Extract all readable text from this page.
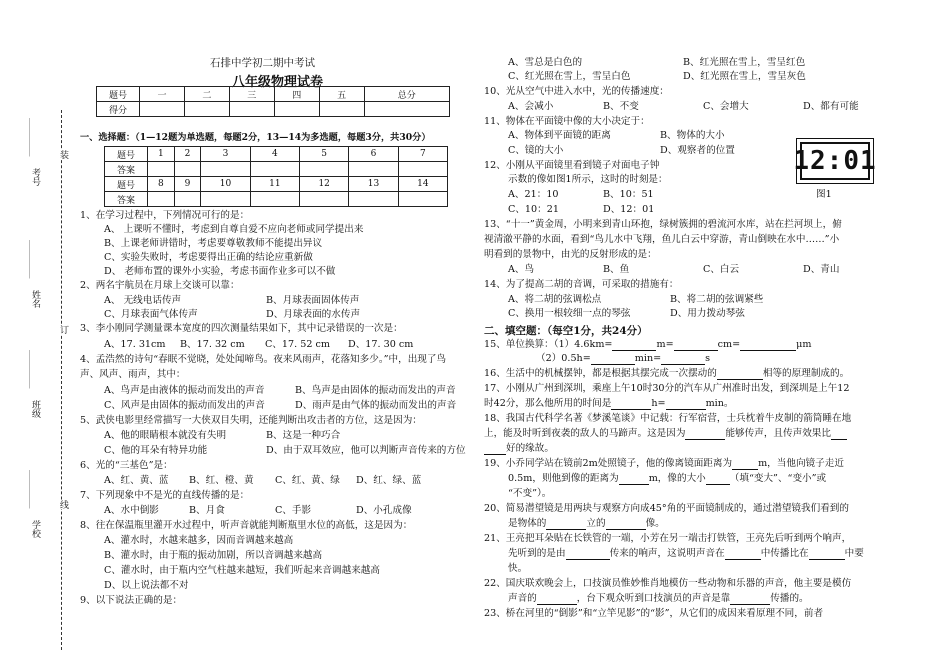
装
订
线
考号
___________
姓名
___________
班级
___________
学校
___________
石排中学初二期中考试
八年级物理试卷
题号	一	二	三	四	五	总分
得分						
一、选择题：（1—12题为单选题，每题2分，13—14为多选题，每题3分，共30分）
题号	1	2	3	4	5	6	7
答案							
题号	8	9	10	11	12	13	14
答案							
1、在学习过程中，下列情况可行的是：
A、 上课听不懂时，考虑到自尊自爱不应向老师或同学提出来
B、上课老师讲错时，考虑要尊敬教师不能提出异议
C、实验失败时，考虑要得出正确的结论应重新做
D、 老师布置的课外小实验，考虑书面作业多可以不做
2、两名宇航员在月球上交谈可以靠：
A、 无线电话传声	B、月球表面固体传声
C、月球表面气体传声	D、月球表面的水传声
3、李小刚同学测量课本宽度的四次测量结果如下，其中记录错误的一次是：
A、17. 31cm B、17. 32 cm C、17. 52 cm D、17. 30 cm
4、孟浩然的诗句“春眠不觉晓，处处闻啼鸟。夜来风雨声，花落知多少。”中，出现了鸟
声、风声、雨声，其中：
A、鸟声是由液体的振动而发出的声音	B、鸟声是由固体的振动而发出的声音
C、风声是由固体的振动而发出的声音	D、雨声是由气体的振动而发出的声音
5、武侠电影里经常描写一大侠双目失明，还能判断出攻击者的方位，这是因为：
A、他的眼睛根本就没有失明	B、这是一种巧合
C、他的耳朵有特异功能	D、由于双耳效应，他可以判断声音传来的方位
6、光的“三基色”是：
A、红、黄、蓝 B、红、橙、黄 C、红、黄、绿 D、红、绿、蓝
7、下列现象中不是光的直线传播的是：
A、水中倒影	B、月食	C、手影	D、小孔成像
8、往在保温瓶里灌开水过程中，听声音就能判断瓶里水位的高低，这是因为：
A、灌水时，水越来越多，因而音调越来越高
B、灌水时，由于瓶的振动加剧，所以音调越来越高
C、灌水时，由于瓶内空气柱越来越短，我们听起来音调越来越高
D、以上说法都不对
9、以下说法正确的是：
A、雪总是白色的	B、红光照在雪上，雪呈红色
C、红光照在雪上，雪呈白色	D、红光照在雪上，雪呈灰色
10、光从空气中进入水中，光的传播速度：
A、会减小	B、不变	C、会增大	D、都有可能
11、物体在平面镜中像的大小决定于：
A、物体到平面镜的距离	B、物体的大小
C、镜的大小	D、观察者的位置
12、小刚从平面镜里看到镜子对面电子钟
示数的像如图1所示，这时的时刻是：
A、21：10	B、10：51
C、10：21	D、12：01
12:01
图1
13、“十一”黄金周，小明来到青山环抱，绿树簇拥的碧流河水库，站在拦河坝上，俯
视清澈平静的水面，看到“鸟儿水中飞翔，鱼儿白云中穿游，青山倒映在水中……”小
明看到的景物中，由光的反射形成的是：
A、鸟	B、鱼	C、白云	D、青山
14、为了提高二胡的音调，可采取的措施有：
A、将二胡的弦调松点	B、将二胡的弦调紧些
C、换用一根较细一点的琴弦	D、用力拨动琴弦
二、填空题：（每空1分，共24分）
15、单位换算：（1）4.6km=	m=	cm=	μm
（2）0.5h=	min=	s
16、生活中的机械摆钟，都是根据其摆完成一次摆动的	相等的原理制成的。
17、小刚从广州到深圳，乘座上午10时30分的汽车从广州准时出发，到深圳是上午12
时42分，那么他所用的时间是	h=	min。
18、我国古代科学名著《梦溪笔谈》中记载：行军宿营，士兵枕着牛皮制的箭筒睡在地
上，能及时听到夜袭的敌人的马蹄声。这是因为	能够传声，且传声效果比
好的缘故。
19、小乔同学站在镜前2m处照镜子，他的像离镜面距离为	m，当他向镜子走近
0.5m，则他到像的距离为	m，像的大小	（填“变大”、“变小”或
“不变”）。
20、简易潜望镜是用两块与观察方向成45°角的平面镜制成的，通过潜望镜我们看到的
是物体的	立的	像。
21、王亮把耳朵贴在长铁管的一端，小芳在另一端击打铁管，王亮先后听到两个响声，
先听到的是由	传来的响声，这说明声音在	中传播比在	中要
快。
22、国庆联欢晚会上，口技演员惟妙惟肖地模仿一些动物和乐器的声音，他主要是模仿
声音的	，台下观众听到口技演员的声音是靠	传播的。
23、桥在河里的“倒影”和“立竿见影”的“影”，从它们的成因来看原理不同，前者
